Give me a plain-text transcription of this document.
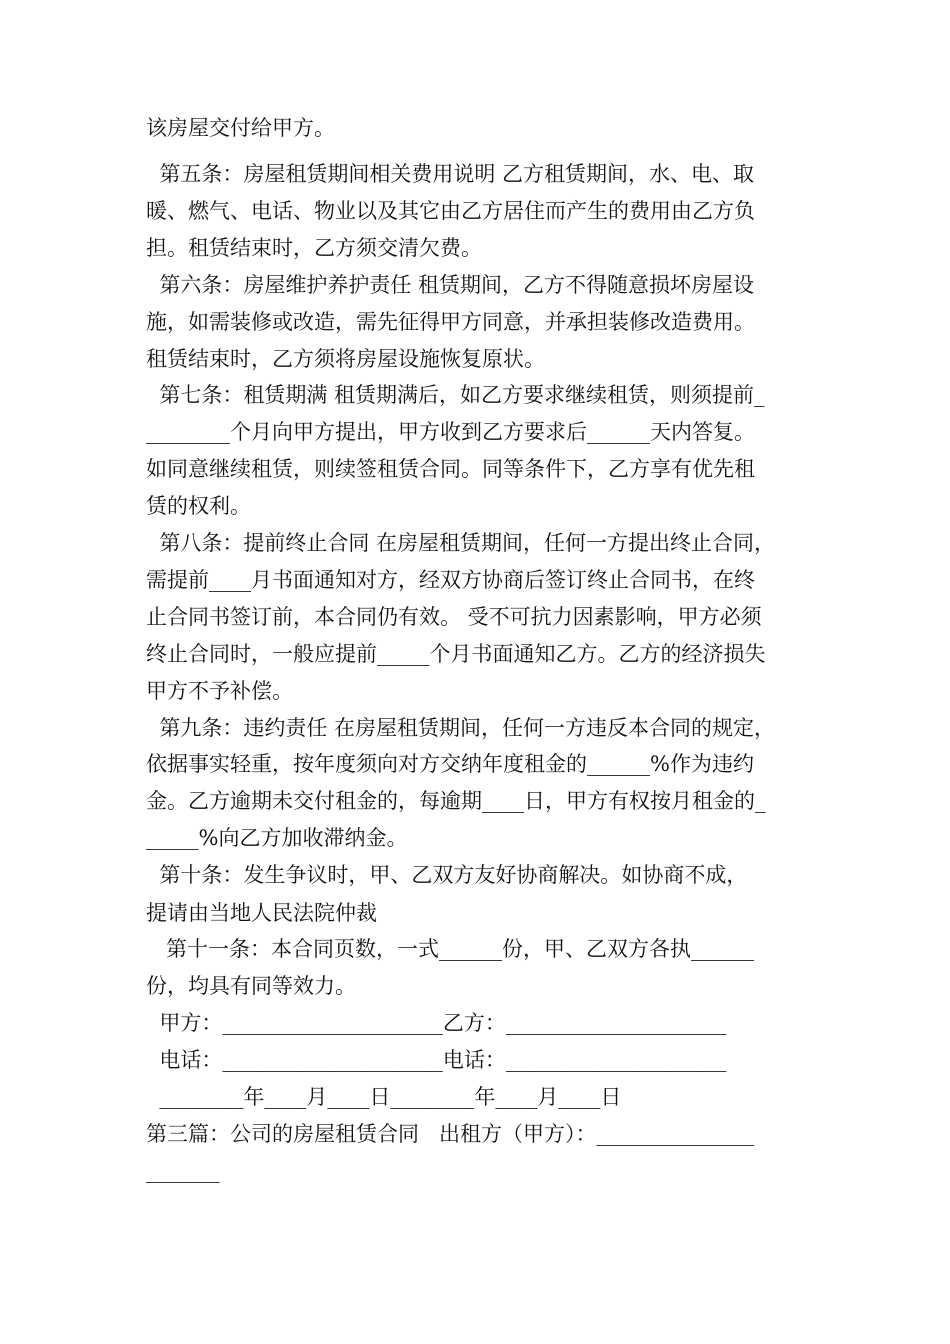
该房屋交付给甲方。
第五条：房屋租赁期间相关费用说明 乙方租赁期间，水、电、取
暖、燃气、电话、物业以及其它由乙方居住而产生的费用由乙方负
担。租赁结束时，乙方须交清欠费。
第六条：房屋维护养护责任 租赁期间，乙方不得随意损坏房屋设
施，如需装修或改造，需先征得甲方同意，并承担装修改造费用。
租赁结束时，乙方须将房屋设施恢复原状。
第七条：租赁期满 租赁期满后，如乙方要求继续租赁，则须提前_
________个月向甲方提出，甲方收到乙方要求后______天内答复。
如同意继续租赁，则续签租赁合同。同等条件下，乙方享有优先租
赁的权利。
第八条：提前终止合同 在房屋租赁期间，任何一方提出终止合同，
需提前____月书面通知对方，经双方协商后签订终止合同书，在终
止合同书签订前，本合同仍有效。 受不可抗力因素影响，甲方必须
终止合同时，一般应提前_____个月书面通知乙方。乙方的经济损失
甲方不予补偿。
第九条：违约责任 在房屋租赁期间，任何一方违反本合同的规定，
依据事实轻重，按年度须向对方交纳年度租金的______%作为违约
金。乙方逾期未交付租金的，每逾期____日，甲方有权按月租金的_
_____%向乙方加收滞纳金。
第十条：发生争议时，甲、乙双方友好协商解决。如协商不成，
提请由当地人民法院仲裁
第十一条：本合同页数，一式______份，甲、乙双方各执______
份，均具有同等效力。
甲方：_____________________乙方：_____________________
电话：_____________________电话：_____________________
________年____月____日________年____月____日
第三篇：公司的房屋租赁合同   出租方（甲方）：_______________
_______
